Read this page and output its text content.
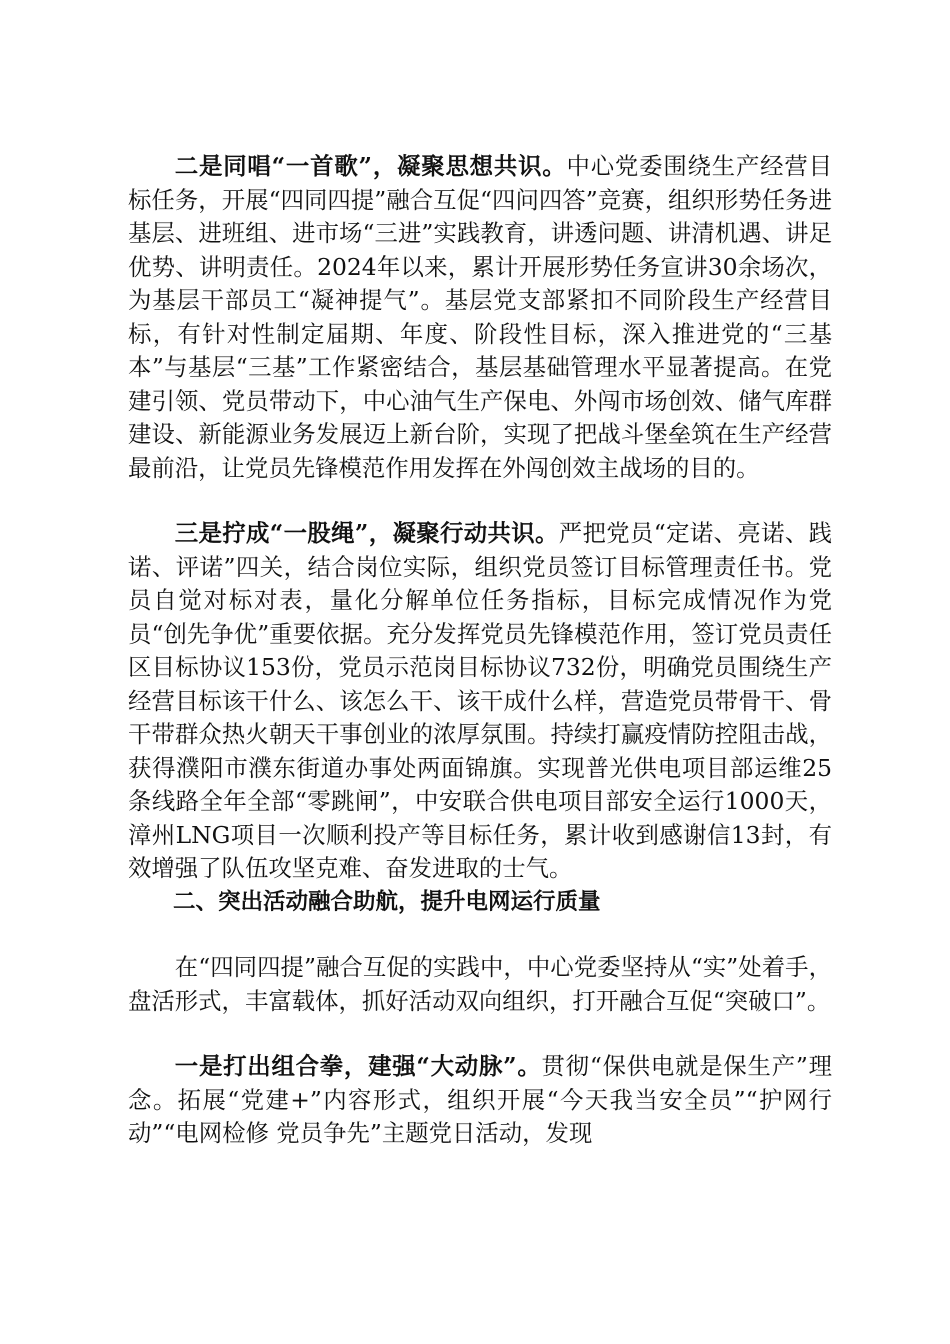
二是同唱“一首歌”，凝聚思想共识。中心党委围绕生产经营目标任务，开展“四同四提”融合互促“四问四答”竞赛，组织形势任务进基层、进班组、进市场“三进”实践教育，讲透问题、讲清机遇、讲足优势、讲明责任。2024年以来，累计开展形势任务宣讲30余场次，为基层干部员工“凝神提气”。基层党支部紧扣不同阶段生产经营目标，有针对性制定届期、年度、阶段性目标，深入推进党的“三基本”与基层“三基”工作紧密结合，基层基础管理水平显著提高。在党建引领、党员带动下，中心油气生产保电、外闯市场创效、储气库群建设、新能源业务发展迈上新台阶，实现了把战斗堡垒筑在生产经营最前沿，让党员先锋模范作用发挥在外闯创效主战场的目的。

三是拧成“一股绳”，凝聚行动共识。严把党员“定诺、亮诺、践诺、评诺”四关，结合岗位实际，组织党员签订目标管理责任书。党员自觉对标对表，量化分解单位任务指标，目标完成情况作为党员“创先争优”重要依据。充分发挥党员先锋模范作用，签订党员责任区目标协议153份，党员示范岗目标协议732份，明确党员围绕生产经营目标该干什么、该怎么干、该干成什么样，营造党员带骨干、骨干带群众热火朝天干事创业的浓厚氛围。持续打赢疫情防控阻击战，获得濮阳市濮东街道办事处两面锦旗。实现普光供电项目部运维25条线路全年全部“零跳闸”，中安联合供电项目部安全运行1000天，漳州LNG项目一次顺利投产等目标任务，累计收到感谢信13封，有效增强了队伍攻坚克难、奋发进取的士气。

二、突出活动融合助航，提升电网运行质量

在“四同四提”融合互促的实践中，中心党委坚持从“实”处着手，盘活形式，丰富载体，抓好活动双向组织，打开融合互促“突破口”。

一是打出组合拳，建强“大动脉”。贯彻“保供电就是保生产”理念。拓展“党建+”内容形式，组织开展“今天我当安全员”“护网行动”“电网检修 党员争先”主题党日活动，发现
